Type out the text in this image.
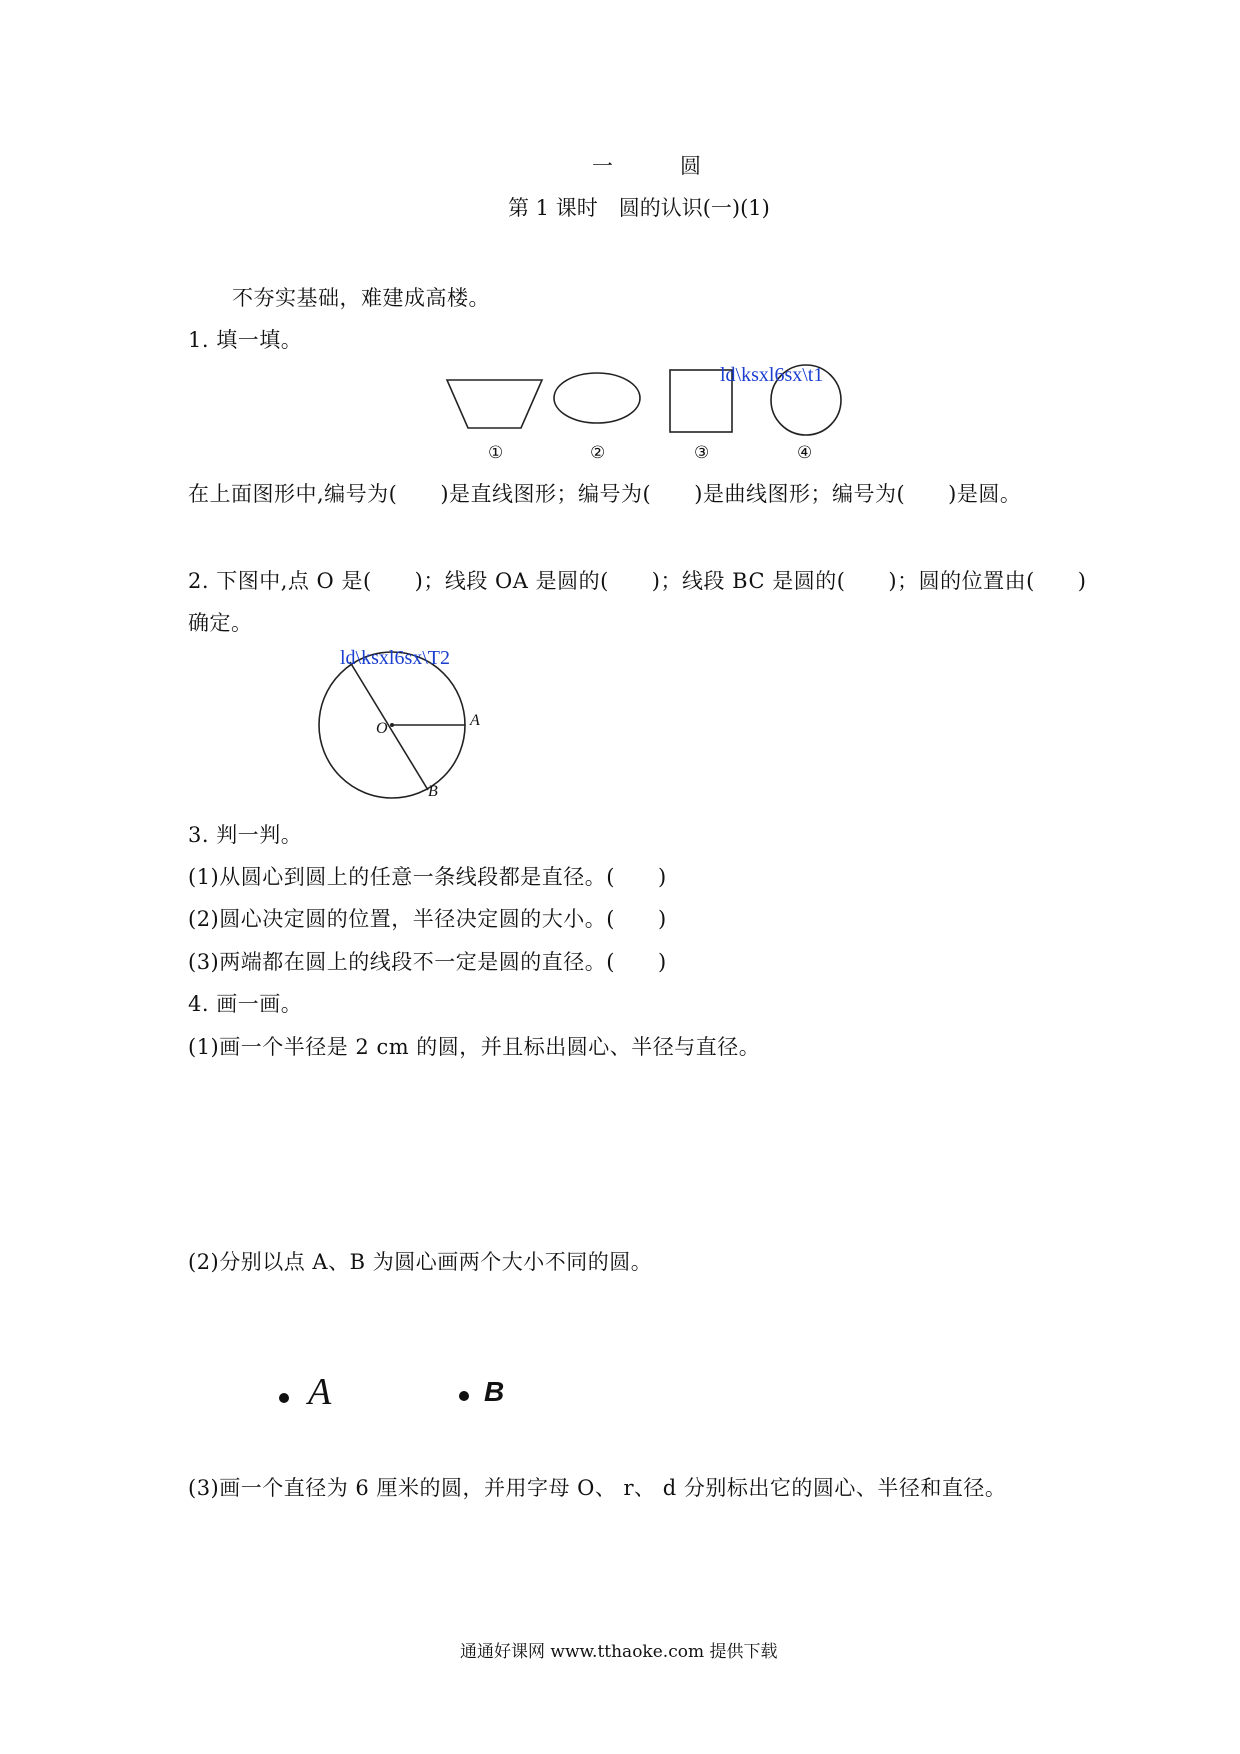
一	圆
第 1 课时　圆的认识(一)(1)
不夯实基础，难建成高楼。
1. 填一填。
ld\ksxl6sx\t1
①	②	③	④
在上面图形中,编号为(　　)是直线图形；编号为(　　)是曲线图形；编号为(　　)是圆。
2. 下图中,点 O 是(　　)；线段 OA 是圆的(　　)；线段 BC 是圆的(　　)；圆的位置由(　　)
确定。
ld\ksxl6sx\T2
O	A
B
3. 判一判。
(1)从圆心到圆上的任意一条线段都是直径。(　　)
(2)圆心决定圆的位置，半径决定圆的大小。(　　)
(3)两端都在圆上的线段不一定是圆的直径。(　　)
4. 画一画。
(1)画一个半径是 2 cm 的圆，并且标出圆心、半径与直径。
(2)分别以点 A、B 为圆心画两个大小不同的圆。
A	B
(3)画一个直径为 6 厘米的圆，并用字母 O、 r、 d 分别标出它的圆心、半径和直径。
通通好课网 www.tthaoke.com 提供下载
